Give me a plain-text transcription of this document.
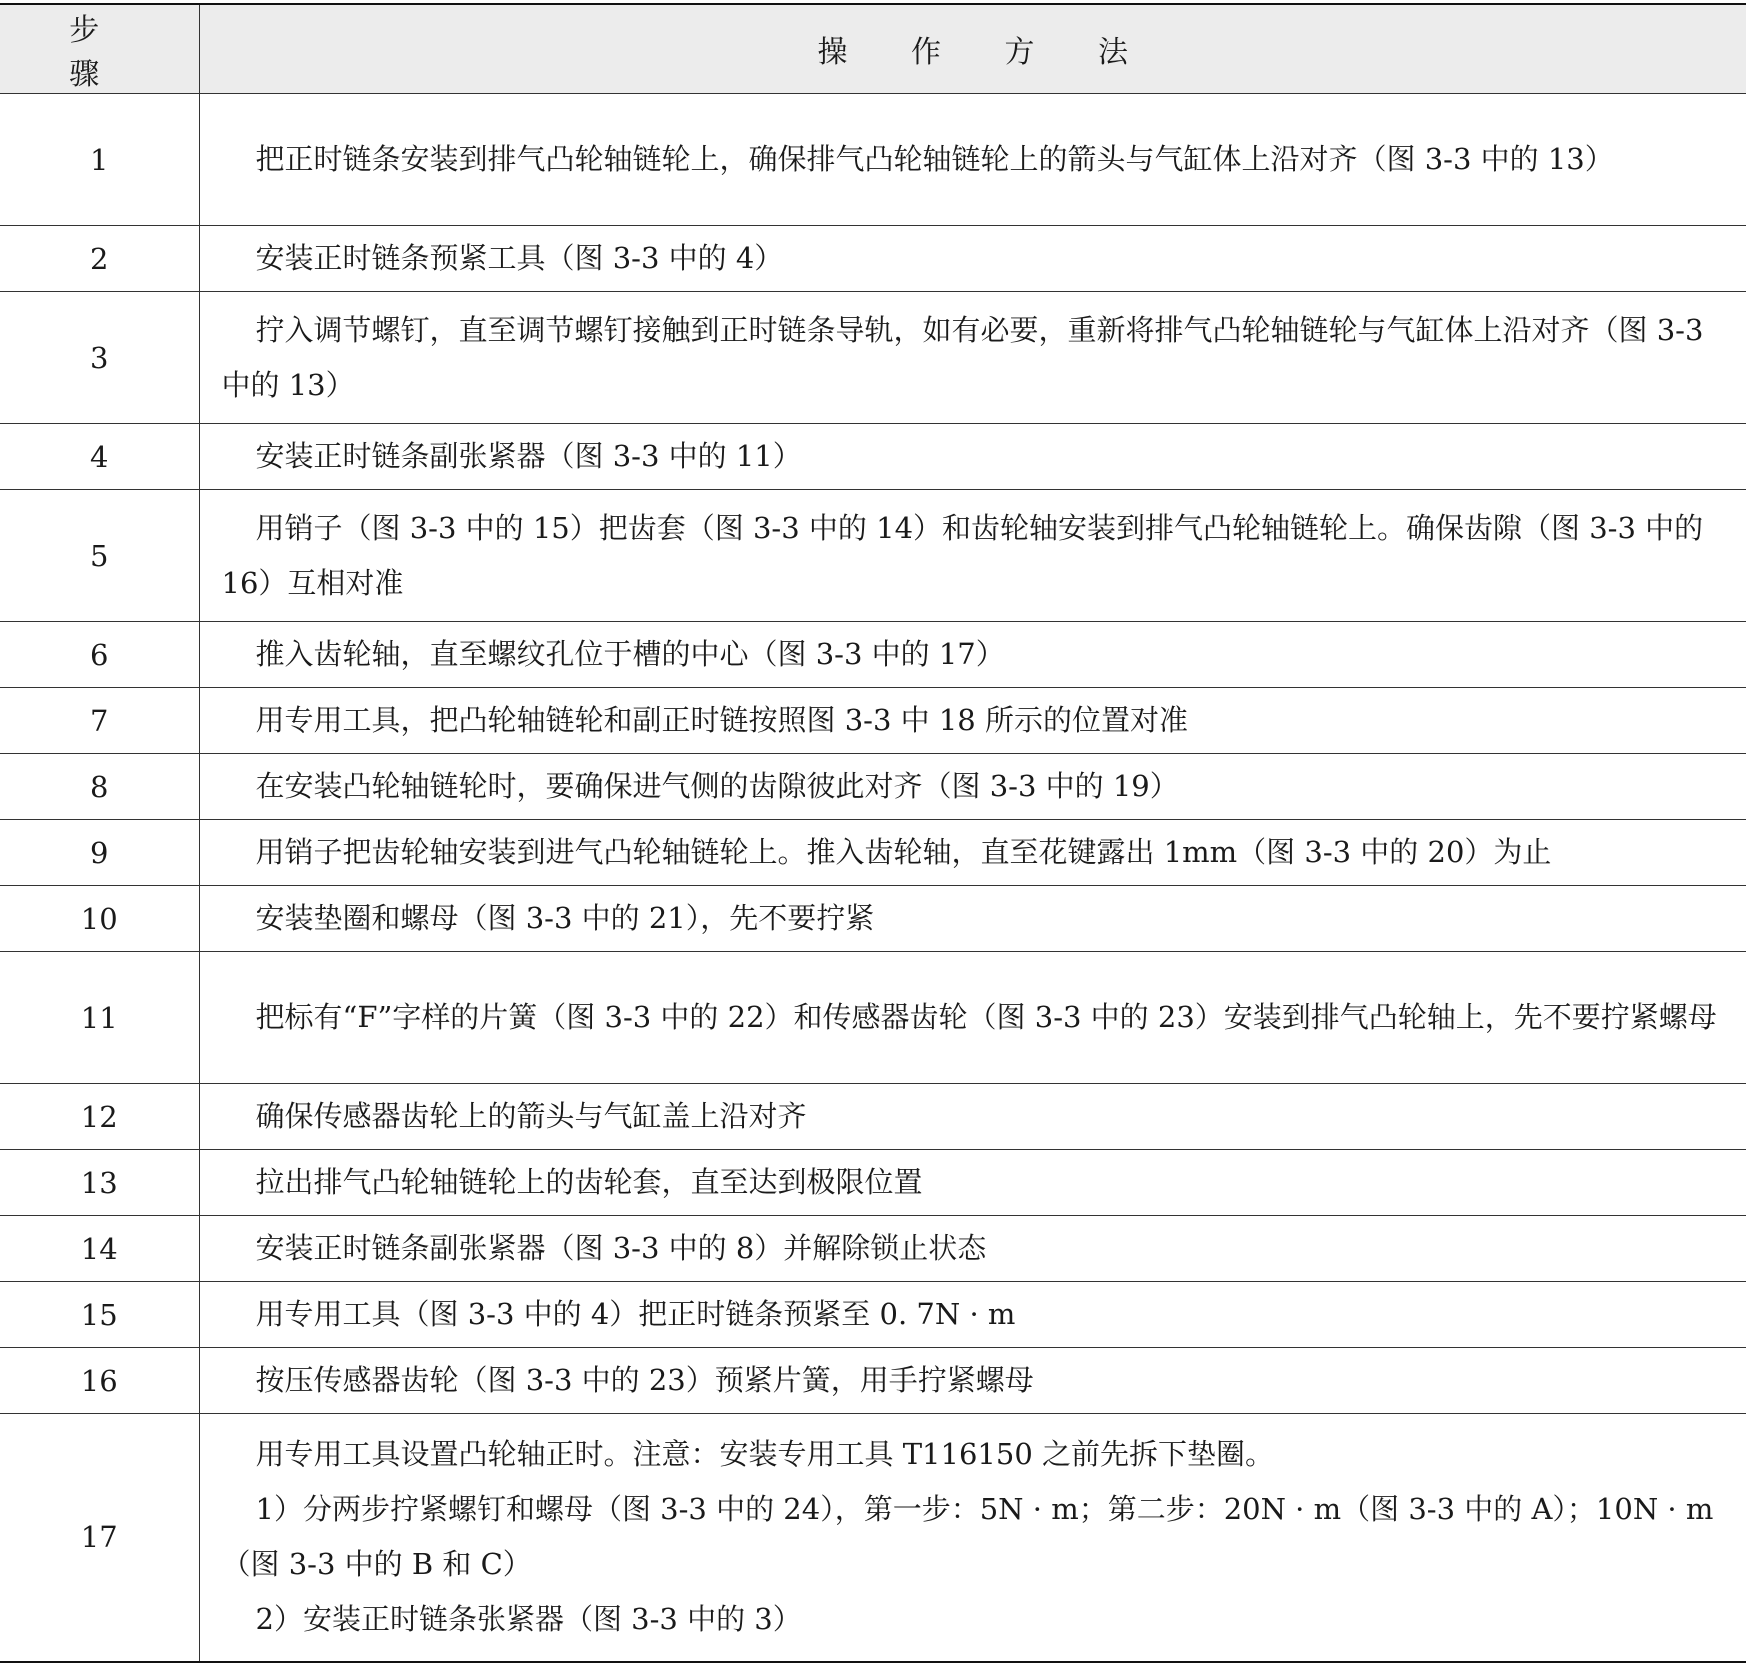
步 骤	操 作 方 法
1	把正时链条安装到排气凸轮轴链轮上，确保排气凸轮轴链轮上的箭头与气缸体上沿对齐（图 3-3 中的 13）
2	安装正时链条预紧工具（图 3-3 中的 4）
3	拧入调节螺钉，直至调节螺钉接触到正时链条导轨，如有必要，重新将排气凸轮轴链轮与气缸体上沿对齐（图 3-3 中的 13）
4	安装正时链条副张紧器（图 3-3 中的 11）
5	用销子（图 3-3 中的 15）把齿套（图 3-3 中的 14）和齿轮轴安装到排气凸轮轴链轮上。确保齿隙（图 3-3 中的 16）互相对准
6	推入齿轮轴，直至螺纹孔位于槽的中心（图 3-3 中的 17）
7	用专用工具，把凸轮轴链轮和副正时链按照图 3-3 中 18 所示的位置对准
8	在安装凸轮轴链轮时，要确保进气侧的齿隙彼此对齐（图 3-3 中的 19）
9	用销子把齿轮轴安装到进气凸轮轴链轮上。推入齿轮轴，直至花键露出 1mm（图 3-3 中的 20）为止
10	安装垫圈和螺母（图 3-3 中的 21），先不要拧紧
11	把标有“F”字样的片簧（图 3-3 中的 22）和传感器齿轮（图 3-3 中的 23）安装到排气凸轮轴上，先不要拧紧螺母
12	确保传感器齿轮上的箭头与气缸盖上沿对齐
13	拉出排气凸轮轴链轮上的齿轮套，直至达到极限位置
14	安装正时链条副张紧器（图 3-3 中的 8）并解除锁止状态
15	用专用工具（图 3-3 中的 4）把正时链条预紧至 0. 7N · m
16	按压传感器齿轮（图 3-3 中的 23）预紧片簧，用手拧紧螺母
17	用专用工具设置凸轮轴正时。注意：安装专用工具 T116150 之前先拆下垫圈。
1）分两步拧紧螺钉和螺母（图 3-3 中的 24），第一步：5N · m；第二步：20N · m（图 3-3 中的 A）；10N · m（图 3-3 中的 B 和 C）
2）安装正时链条张紧器（图 3-3 中的 3）
